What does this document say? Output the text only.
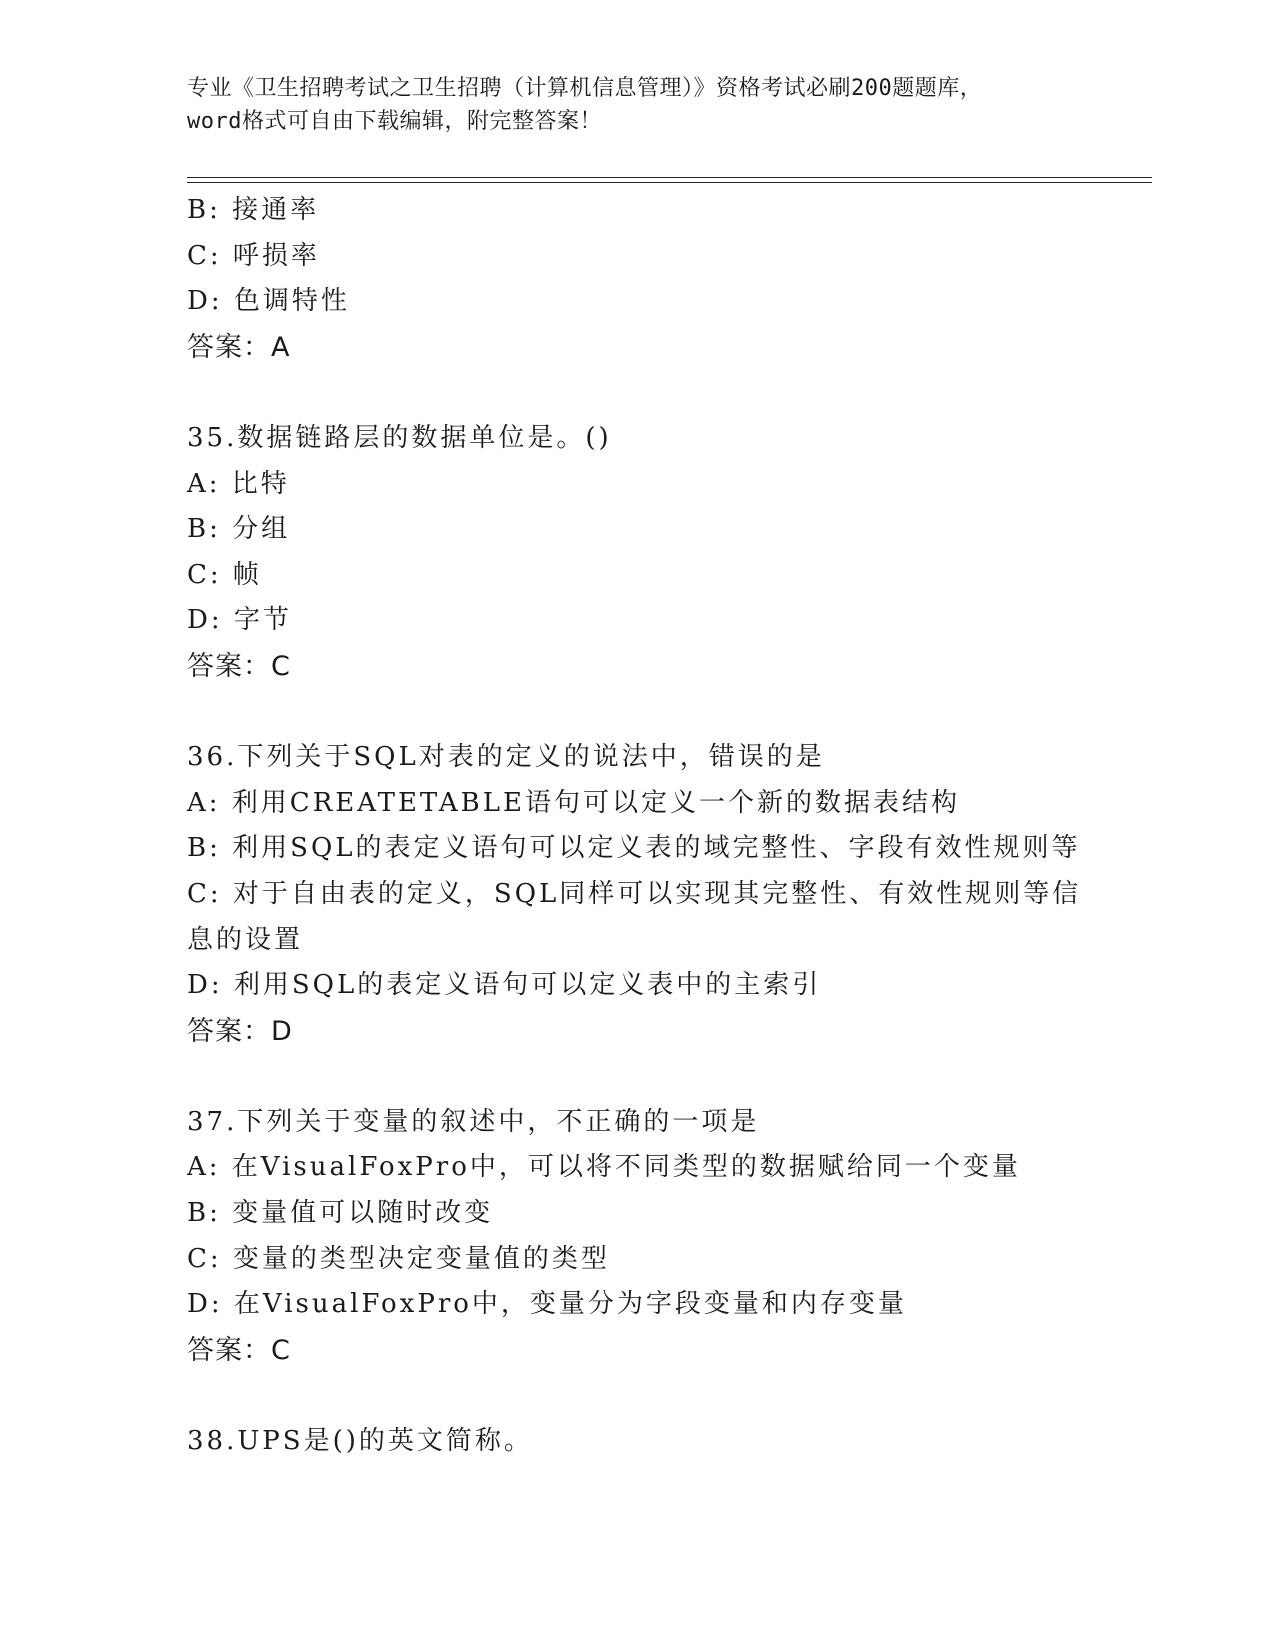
专业《卫生招聘考试之卫生招聘（计算机信息管理）》资格考试必刷200题题库，
word格式可自由下载编辑，附完整答案！
B: 接通率
C: 呼损率
D: 色调特性
答案：A
35.数据链路层的数据单位是。()
A: 比特
B: 分组
C: 帧
D: 字节
答案：C
36.下列关于SQL对表的定义的说法中，错误的是
A: 利用CREATETABLE语句可以定义一个新的数据表结构
B: 利用SQL的表定义语句可以定义表的域完整性、字段有效性规则等
C: 对于自由表的定义，SQL同样可以实现其完整性、有效性规则等信
息的设置
D: 利用SQL的表定义语句可以定义表中的主索引
答案：D
37.下列关于变量的叙述中，不正确的一项是
A: 在VisualFoxPro中，可以将不同类型的数据赋给同一个变量
B: 变量值可以随时改变
C: 变量的类型决定变量值的类型
D: 在VisualFoxPro中，变量分为字段变量和内存变量
答案：C
38.UPS是()的英文简称。
